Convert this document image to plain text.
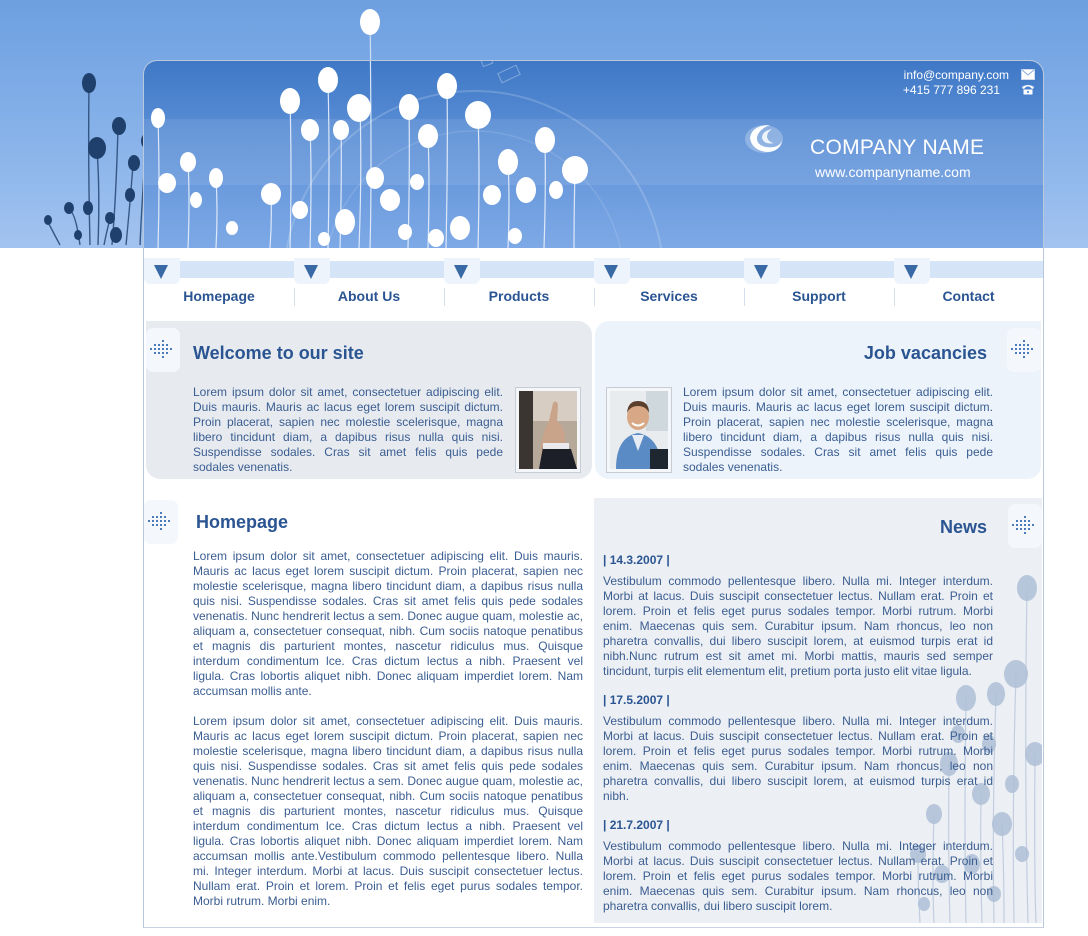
info@company.com
+415 777 896 231
COMPANY NAME
www.companyname.com
Homepage	About Us	Products	Services	Support	Contact
Welcome to our site
Lorem ipsum dolor sit amet, consectetuer adipiscing elit. Duis mauris. Mauris ac lacus eget lorem suscipit dictum. Proin placerat, sapien nec molestie scelerisque, magna libero tincidunt diam, a dapibus risus nulla quis nisi. Suspendisse sodales. Cras sit amet felis quis pede sodales venenatis.
Job vacancies
Lorem ipsum dolor sit amet, consectetuer adipiscing elit. Duis mauris. Mauris ac lacus eget lorem suscipit dictum. Proin placerat, sapien nec molestie scelerisque, magna libero tincidunt diam, a dapibus risus nulla quis nisi. Suspendisse sodales. Cras sit amet felis quis pede sodales venenatis.
Homepage
Lorem ipsum dolor sit amet, consectetuer adipiscing elit. Duis mauris. Mauris ac lacus eget lorem suscipit dictum. Proin placerat, sapien nec molestie scelerisque, magna libero tincidunt diam, a dapibus risus nulla quis nisi. Suspendisse sodales. Cras sit amet felis quis pede sodales venenatis. Nunc hendrerit lectus a sem. Donec augue quam, molestie ac, aliquam a, consectetuer consequat, nibh. Cum sociis natoque penatibus et magnis dis parturient montes, nascetur ridiculus mus. Quisque interdum condimentum lce. Cras dictum lectus a nibh. Praesent vel ligula. Cras lobortis aliquet nibh. Donec aliquam imperdiet lorem. Nam accumsan mollis ante.
Lorem ipsum dolor sit amet, consectetuer adipiscing elit. Duis mauris. Mauris ac lacus eget lorem suscipit dictum. Proin placerat, sapien nec molestie scelerisque, magna libero tincidunt diam, a dapibus risus nulla quis nisi. Suspendisse sodales. Cras sit amet felis quis pede sodales venenatis. Nunc hendrerit lectus a sem. Donec augue quam, molestie ac, aliquam a, consectetuer consequat, nibh. Cum sociis natoque penatibus et magnis dis parturient montes, nascetur ridiculus mus. Quisque interdum condimentum lce. Cras dictum lectus a nibh. Praesent vel ligula. Cras lobortis aliquet nibh. Donec aliquam imperdiet lorem. Nam accumsan mollis ante.Vestibulum commodo pellentesque libero. Nulla mi. Integer interdum. Morbi at lacus. Duis suscipit consectetuer lectus. Nullam erat. Proin et lorem. Proin et felis eget purus sodales tempor. Morbi rutrum. Morbi enim.
News
| 14.3.2007 |
Vestibulum commodo pellentesque libero. Nulla mi. Integer interdum. Morbi at lacus. Duis suscipit consectetuer lectus. Nullam erat. Proin et lorem. Proin et felis eget purus sodales tempor. Morbi rutrum. Morbi enim. Maecenas quis sem. Curabitur ipsum. Nam rhoncus, leo non pharetra convallis, dui libero suscipit lorem, at euismod turpis erat id nibh.Nunc rutrum est sit amet mi. Morbi mattis, mauris sed semper tincidunt, turpis elit elementum elit, pretium porta justo elit vitae ligula.
| 17.5.2007 |
Vestibulum commodo pellentesque libero. Nulla mi. Integer interdum. Morbi at lacus. Duis suscipit consectetuer lectus. Nullam erat. Proin et lorem. Proin et felis eget purus sodales tempor. Morbi rutrum. Morbi enim. Maecenas quis sem. Curabitur ipsum. Nam rhoncus, leo non pharetra convallis, dui libero suscipit lorem, at euismod turpis erat id nibh.
| 21.7.2007 |
Vestibulum commodo pellentesque libero. Nulla mi. Integer interdum. Morbi at lacus. Duis suscipit consectetuer lectus. Nullam erat. Proin et lorem. Proin et felis eget purus sodales tempor. Morbi rutrum. Morbi enim. Maecenas quis sem. Curabitur ipsum. Nam rhoncus, leo non pharetra convallis, dui libero suscipit lorem.
